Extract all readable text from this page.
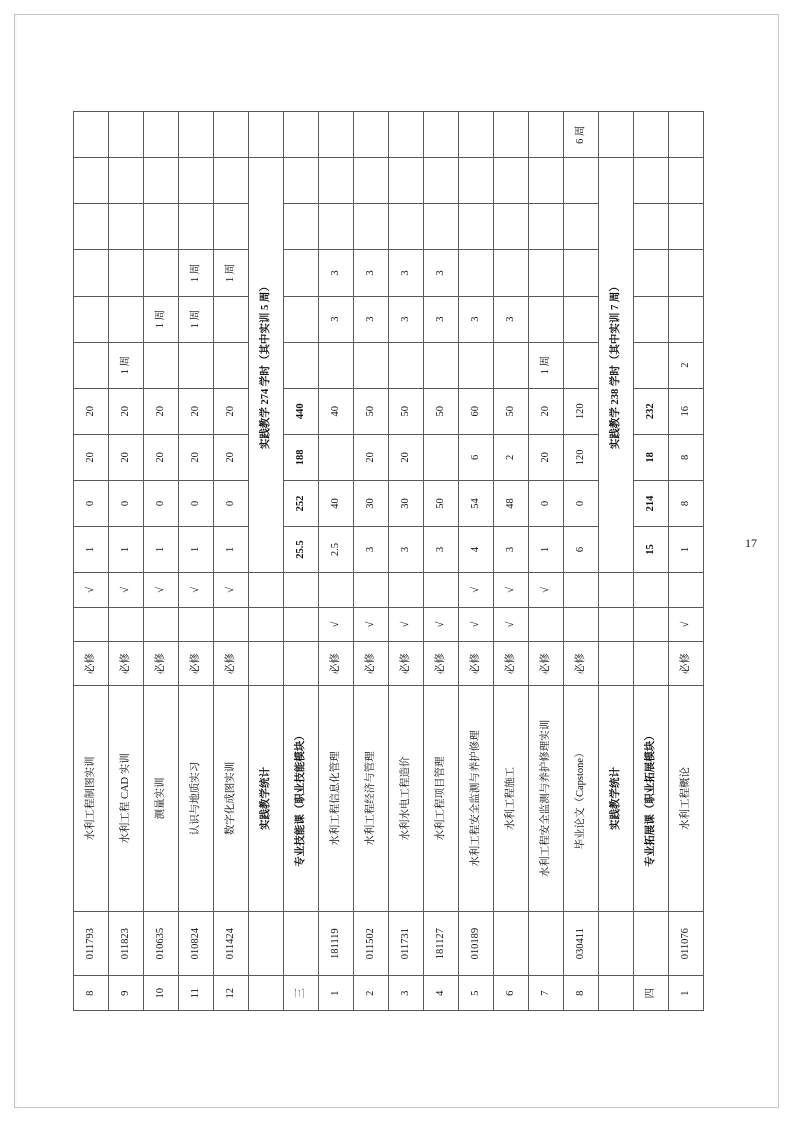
17
8	011793	水利工程制图实训	必修		√	1	0	20	20						
9	011823	水利工程 CAD 实训	必修		√	1	0	20	20	1 周					
10	010635	测量实训	必修		√	1	0	20	20		1 周				
11	010824	认识与地质实习	必修		√	1	0	20	20		1 周	1 周			
12	011424	数字化成图实训	必修		√	1	0	20	20			1 周			
		实践教学统计				实践教学 274 学时（其中实训 5 周）									
三		专业技能课（职业技能模块）				25.5	252	188	440						
1	181119	水利工程信息化管理	必修	√		2.5	40		40		3	3			
2	011502	水利工程经济与管理	必修	√		3	30	20	50		3	3			
3	011731	水利水电工程造价	必修	√		3	30	20	50		3	3			
4	181127	水利工程项目管理	必修	√		3	50		50		3	3			
5	010189	水利工程安全监测与养护修理	必修	√	√	4	54	6	60		3				
6		水利工程施工	必修	√	√	3	48	2	50		3				
7		水利工程安全监测与养护修理实训	必修		√	1	0	20	20	1 周					
8	030411	毕业论文（Capstone）	必修			6	0	120	120						6 周
		实践教学统计				实践教学 238 学时（其中实训 7 周）									
四		专业拓展课（职业拓展模块）				15	214	18	232						
1	011076	水利工程概论	必修	√		1	8	8	16	2					
